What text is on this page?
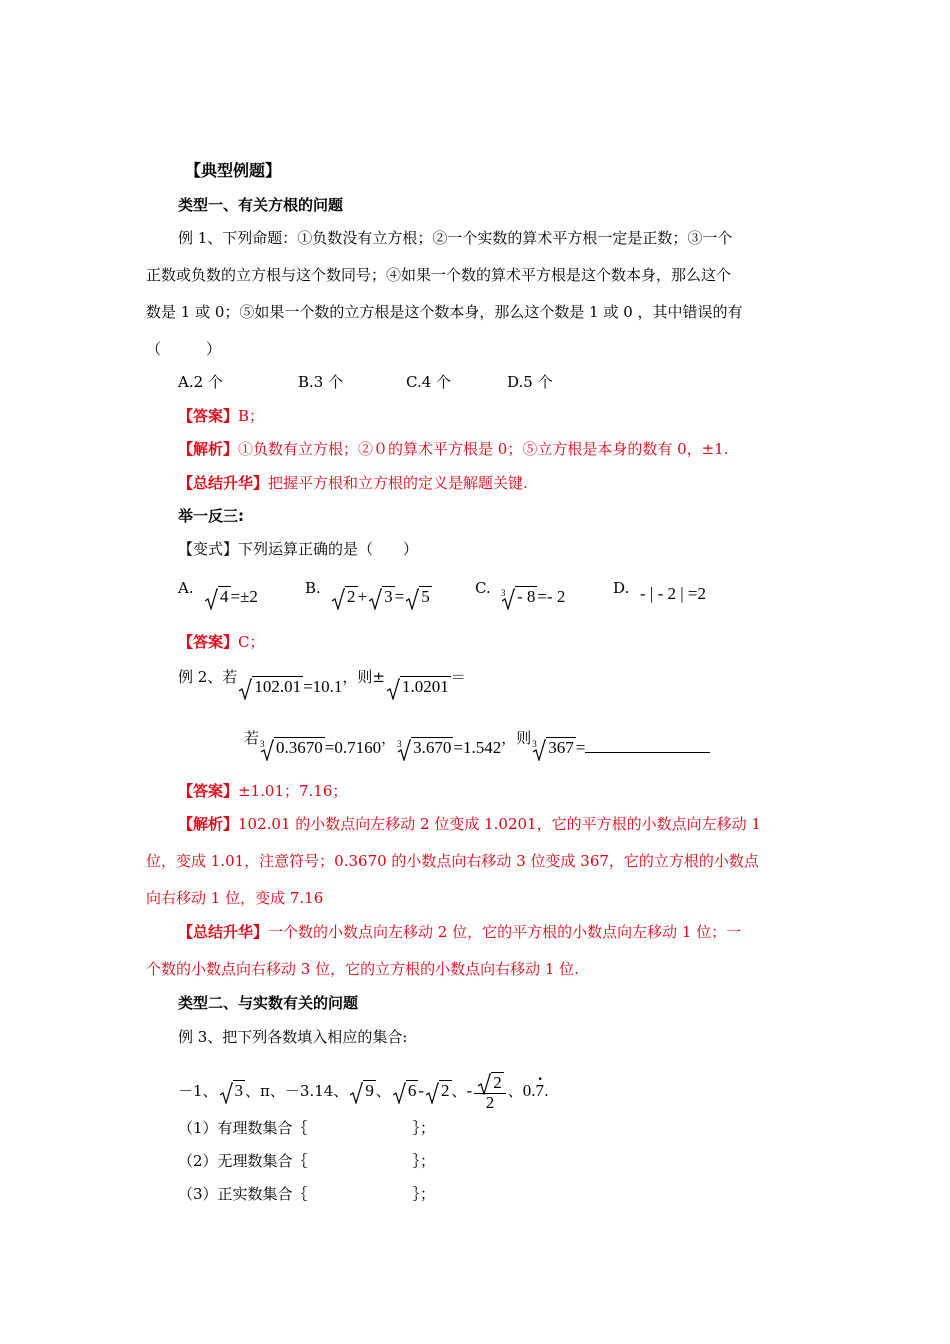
【典型例题】
类型一、有关方根的问题
例 1、下列命题：①负数没有立方根；②一个实数的算术平方根一定是正数；③一个
正数或负数的立方根与这个数同号；④如果一个数的算术平方根是这个数本身，那么这个
数是 1 或 0；⑤如果一个数的立方根是这个数本身，那么这个数是 1 或 0 ，其中错误的有
（　　　）
A.2 个	B.3 个	C.4 个	D.5 个
【答案】B；
【解析】①负数有立方根；②０的算术平方根是 0；⑤立方根是本身的数有 0，±1.
【总结升华】把握平方根和立方根的定义是解题关键.
举一反三:
【变式】下列运算正确的是（　　）
A.	4 =±2	B.	2 + 3 = 5	C. 3 - 8 =- 2	D. - | - 2 | =2
【答案】C；
例 2、若 102.01 =10.1，则± 1.0201 ＝
若 3 0.3670 =0.7160， 3 3.670 =1.542，则 3 367 =
【答案】±1.01；7.16；
【解析】102.01 的小数点向左移动 2 位变成 1.0201，它的平方根的小数点向左移动 1
位，变成 1.01，注意符号；0.3670 的小数点向右移动 3 位变成 367，它的立方根的小数点
向右移动 1 位，变成 7.16
【总结升华】一个数的小数点向左移动 2 位，它的平方根的小数点向左移动 1 位；一
个数的小数点向右移动 3 位，它的立方根的小数点向右移动 1 位.
类型二、与实数有关的问题
例 3、把下列各数填入相应的集合:
－1、 3 、π、－3.14、 9 、 6 - 2 、- $\frac{2}{2}$ 、0.· 7.
（1）有理数集合｛　　　　　　　｝；
（2）无理数集合｛　　　　　　　｝；
（3）正实数集合｛　　　　　　　｝；
